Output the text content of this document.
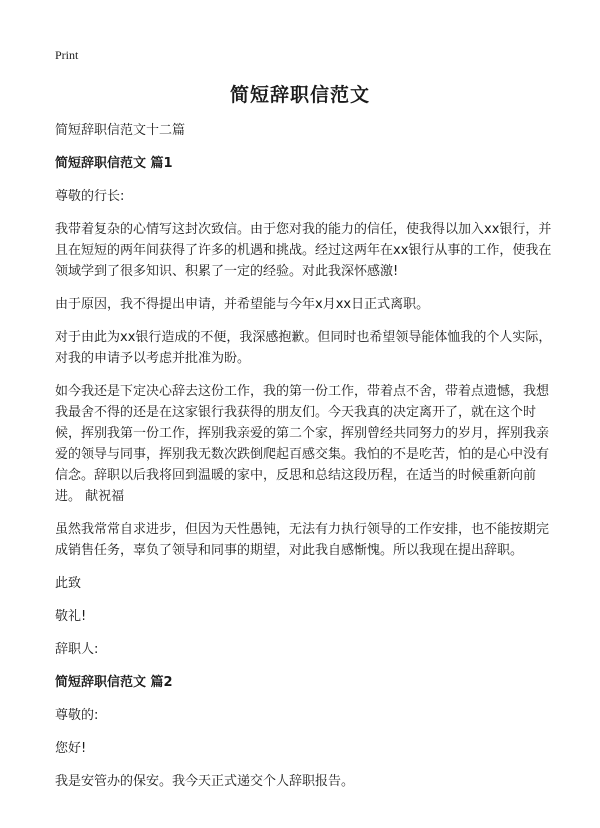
Print
简短辞职信范文
简短辞职信范文十二篇
简短辞职信范文 篇1
尊敬的行长:
我带着复杂的心情写这封次致信。由于您对我的能力的信任，使我得以加入xx银行，并且在短短的两年间获得了许多的机遇和挑战。经过这两年在xx银行从事的工作，使我在领域学到了很多知识、积累了一定的经验。对此我深怀感激!
由于原因，我不得提出申请，并希望能与今年x月xx日正式离职。
对于由此为xx银行造成的不便，我深感抱歉。但同时也希望领导能体恤我的个人实际，对我的申请予以考虑并批准为盼。
如今我还是下定决心辞去这份工作，我的第一份工作，带着点不舍，带着点遗憾，我想我最舍不得的还是在这家银行我获得的朋友们。今天我真的决定离开了，就在这个时候，挥别我第一份工作，挥别我亲爱的第二个家，挥别曾经共同努力的岁月，挥别我亲爱的领导与同事，挥别我无数次跌倒爬起百感交集。我怕的不是吃苦，怕的是心中没有信念。辞职以后我将回到温暖的家中，反思和总结这段历程，在适当的时候重新向前进。 献祝福
虽然我常常自求进步，但因为天性愚钝，无法有力执行领导的工作安排，也不能按期完成销售任务，辜负了领导和同事的期望，对此我自感惭愧。所以我现在提出辞职。
此致
敬礼!
辞职人:
简短辞职信范文 篇2
尊敬的:
您好!
我是安管办的保安。我今天正式递交个人辞职报告。
